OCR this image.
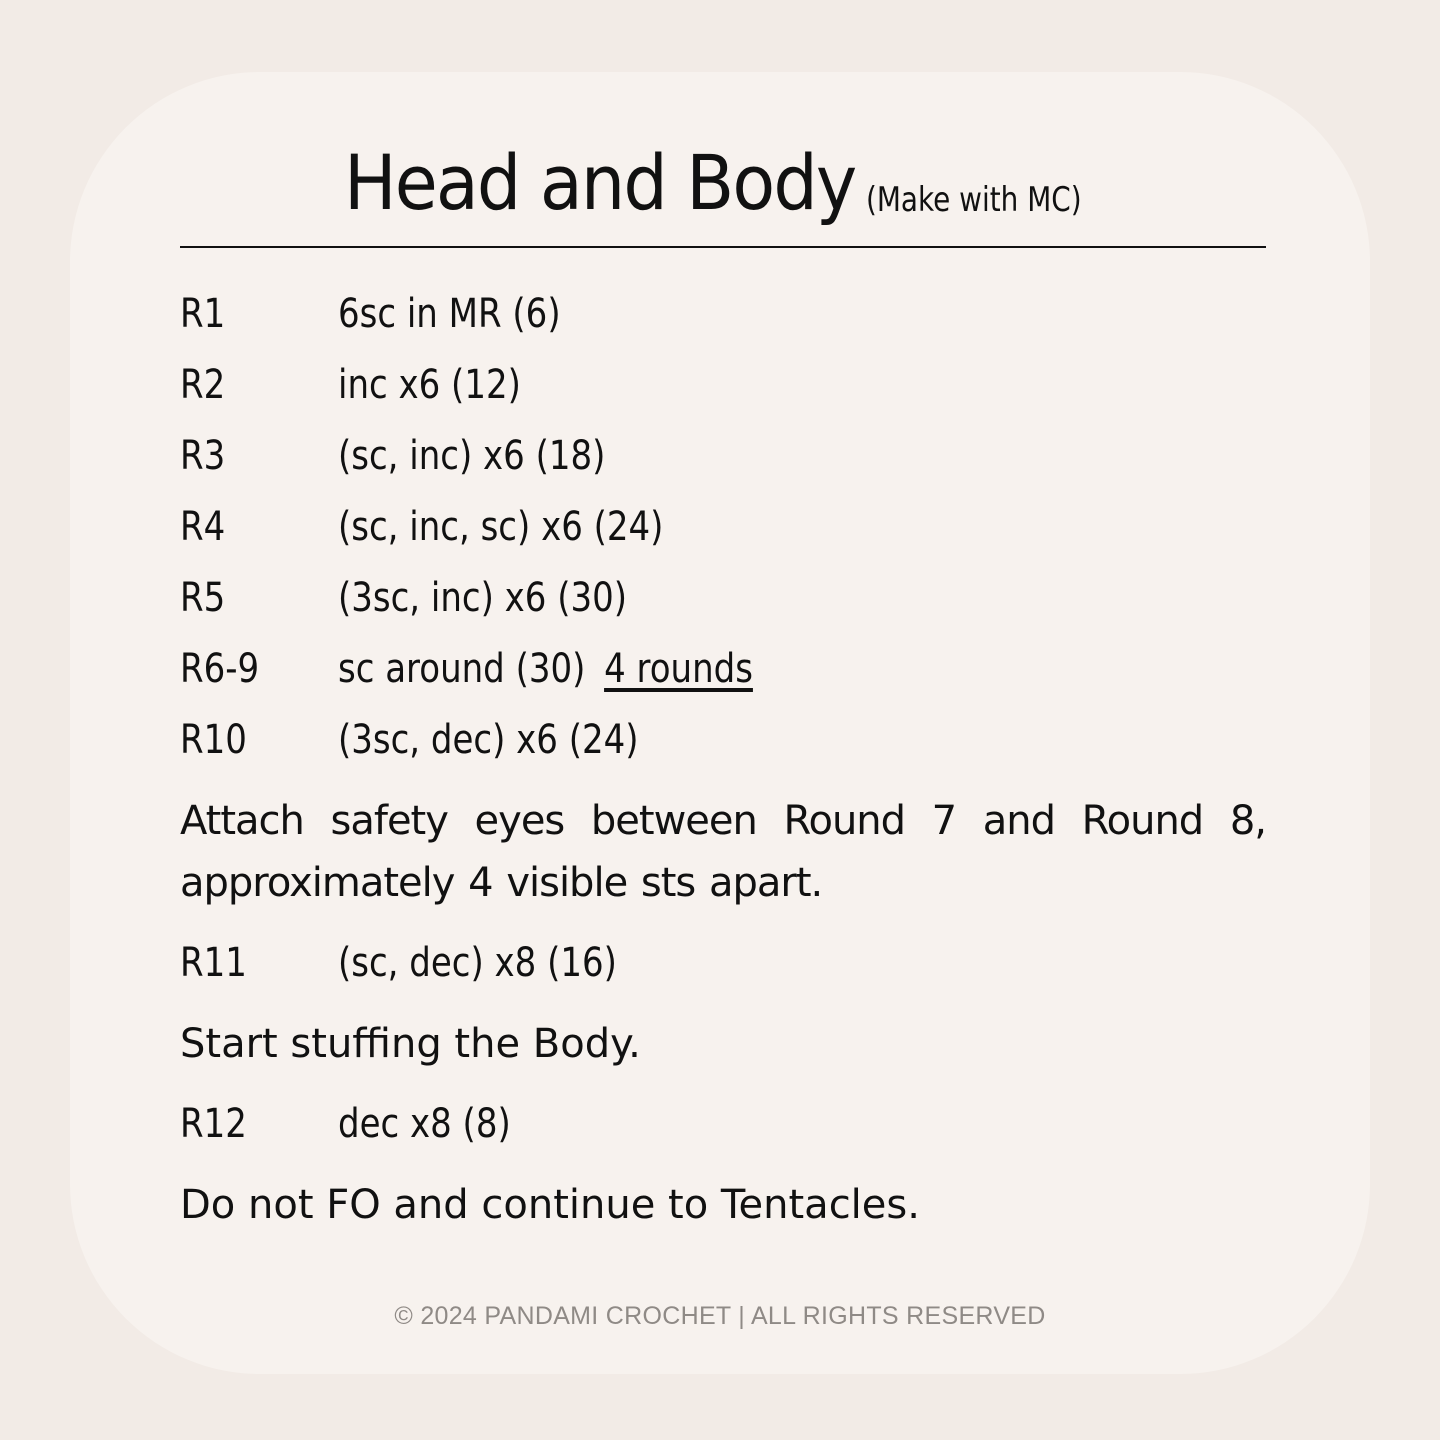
Head and Body (Make with MC)
R1	6sc in MR (6)
R2	inc x6 (12)
R3	(sc, inc) x6 (18)
R4	(sc, inc, sc) x6 (24)
R5	(3sc, inc) x6 (30)
R6-9 sc around (30) 4 rounds
R10 (3sc, dec) x6 (24)
Attach safety eyes between Round 7 and Round 8, approximately 4 visible sts apart.
R11 (sc, dec) x8 (16)
Start stuffing the Body.
R12 dec x8 (8)
Do not FO and continue to Tentacles.
© 2024 PANDAMI CROCHET | ALL RIGHTS RESERVED
